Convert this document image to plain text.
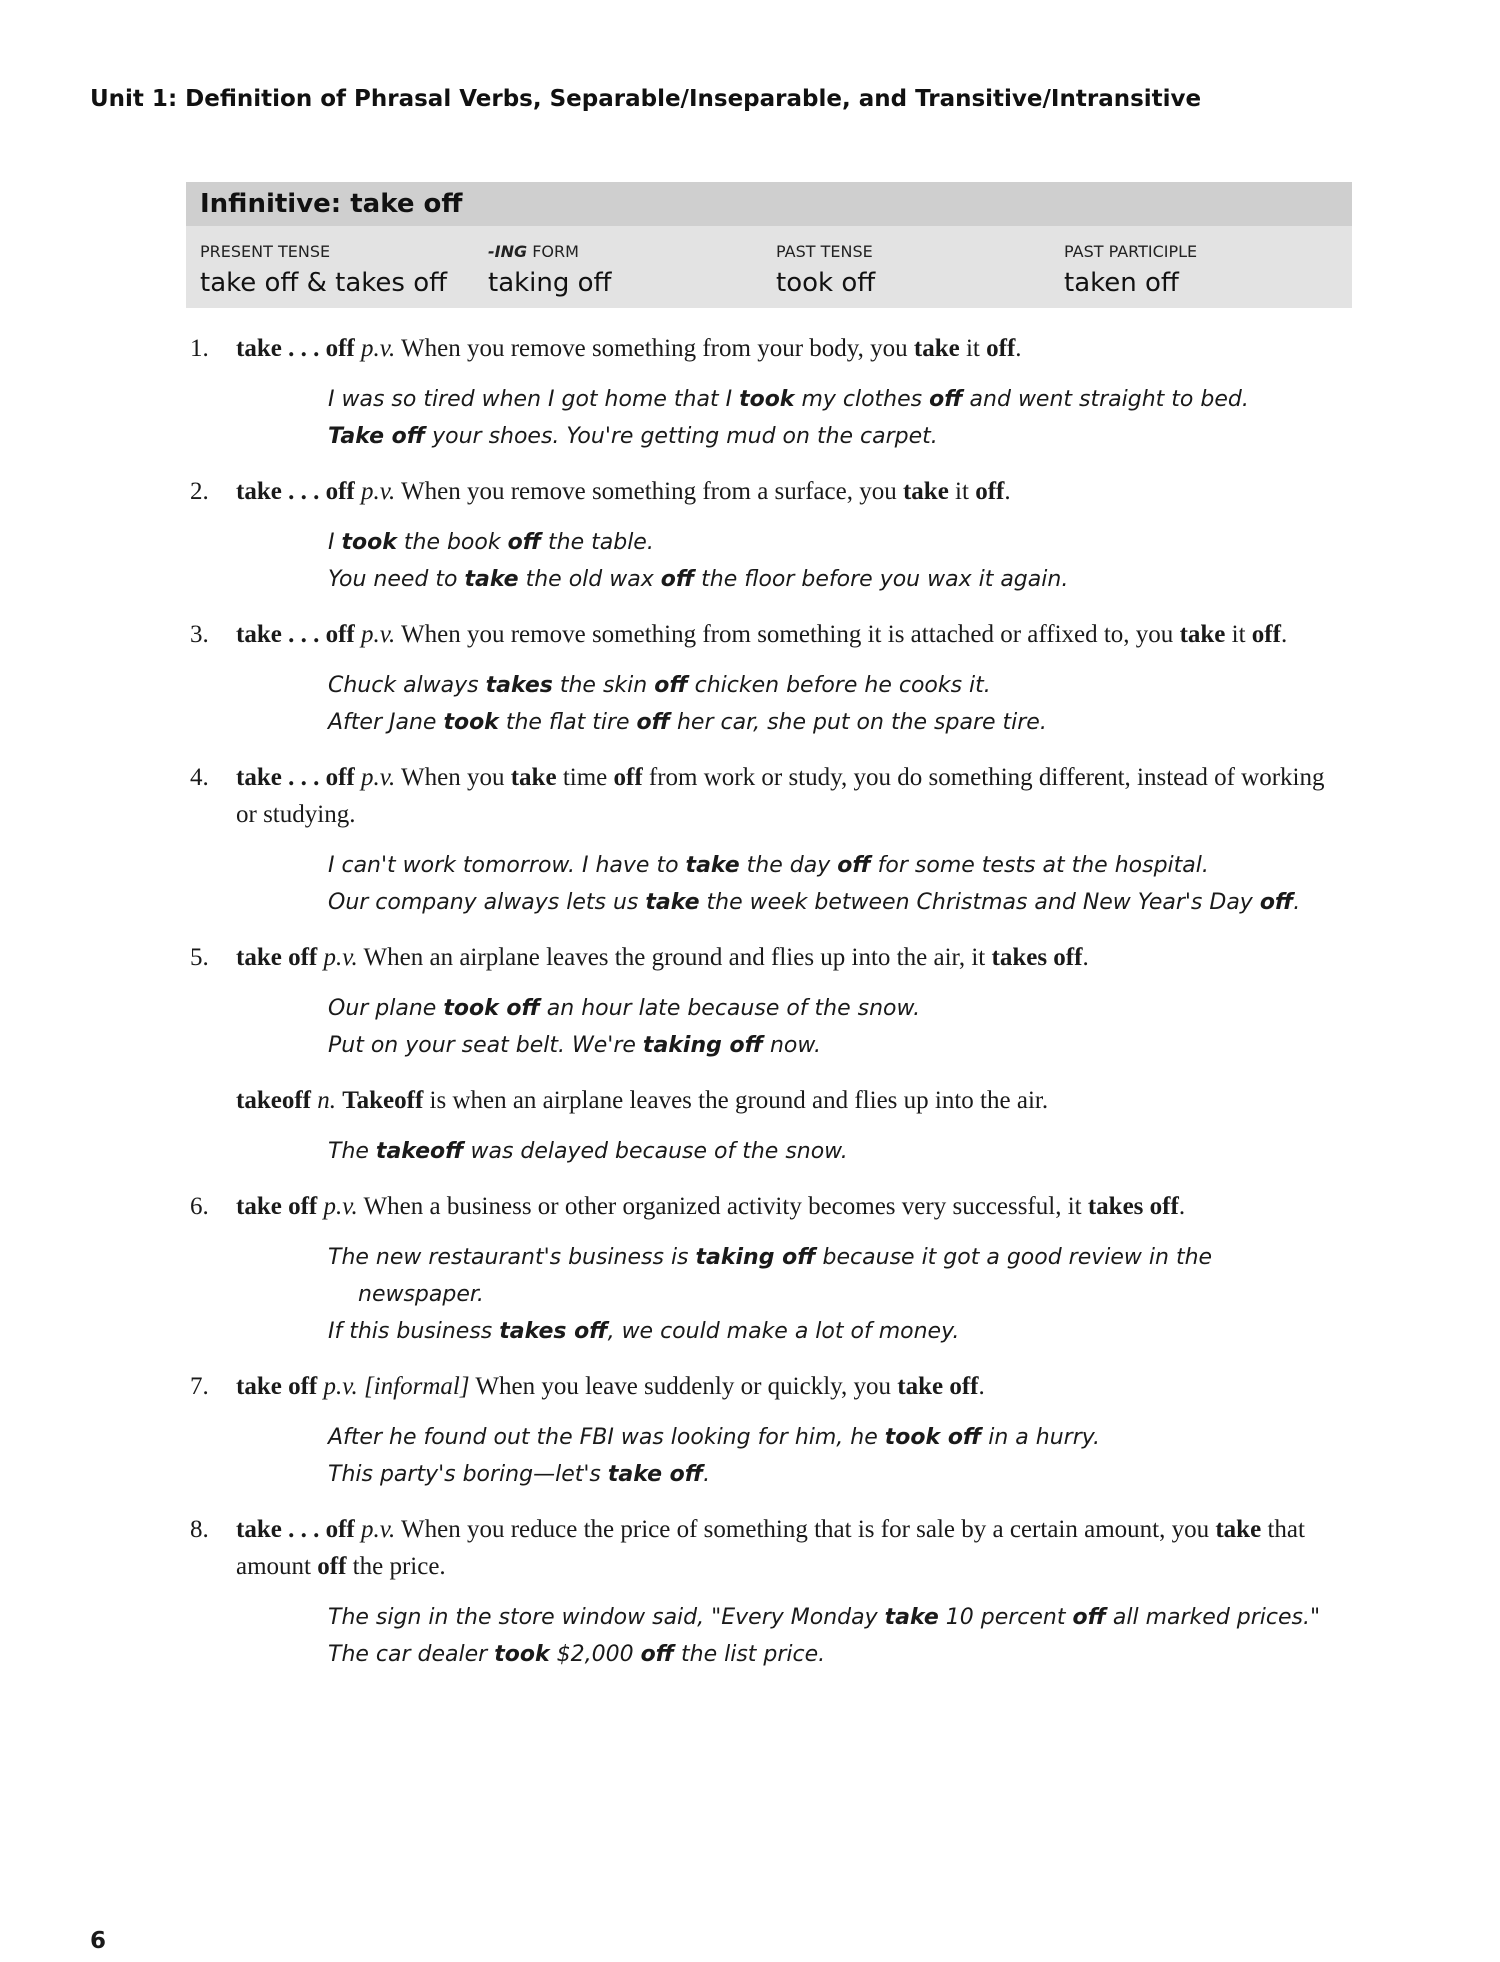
Unit 1: Definition of Phrasal Verbs, Separable/Inseparable, and Transitive/Intransitive
Infinitive: take off
PRESENT TENSE
take off & takes off
-ING FORM
taking off
PAST TENSE
took off
PAST PARTICIPLE
taken off
1. take . . . off p.v. When you remove something from your body, you take it off.
I was so tired when I got home that I took my clothes off and went straight to bed.
Take off your shoes. You're getting mud on the carpet.
2. take . . . off p.v. When you remove something from a surface, you take it off.
I took the book off the table.
You need to take the old wax off the floor before you wax it again.
3. take . . . off p.v. When you remove something from something it is attached or affixed to, you take it off.
Chuck always takes the skin off chicken before he cooks it.
After Jane took the flat tire off her car, she put on the spare tire.
4. take . . . off p.v. When you take time off from work or study, you do something different, instead of working or studying.
I can't work tomorrow. I have to take the day off for some tests at the hospital.
Our company always lets us take the week between Christmas and New Year's Day off.
5. take off p.v. When an airplane leaves the ground and flies up into the air, it takes off.
Our plane took off an hour late because of the snow.
Put on your seat belt. We're taking off now.
takeoff n. Takeoff is when an airplane leaves the ground and flies up into the air.
The takeoff was delayed because of the snow.
6. take off p.v. When a business or other organized activity becomes very successful, it takes off.
The new restaurant's business is taking off because it got a good review in the newspaper.
If this business takes off, we could make a lot of money.
7. take off p.v. [informal] When you leave suddenly or quickly, you take off.
After he found out the FBI was looking for him, he took off in a hurry.
This party's boring—let's take off.
8. take . . . off p.v. When you reduce the price of something that is for sale by a certain amount, you take that amount off the price.
The sign in the store window said, "Every Monday take 10 percent off all marked prices."
The car dealer took $2,000 off the list price.
6
